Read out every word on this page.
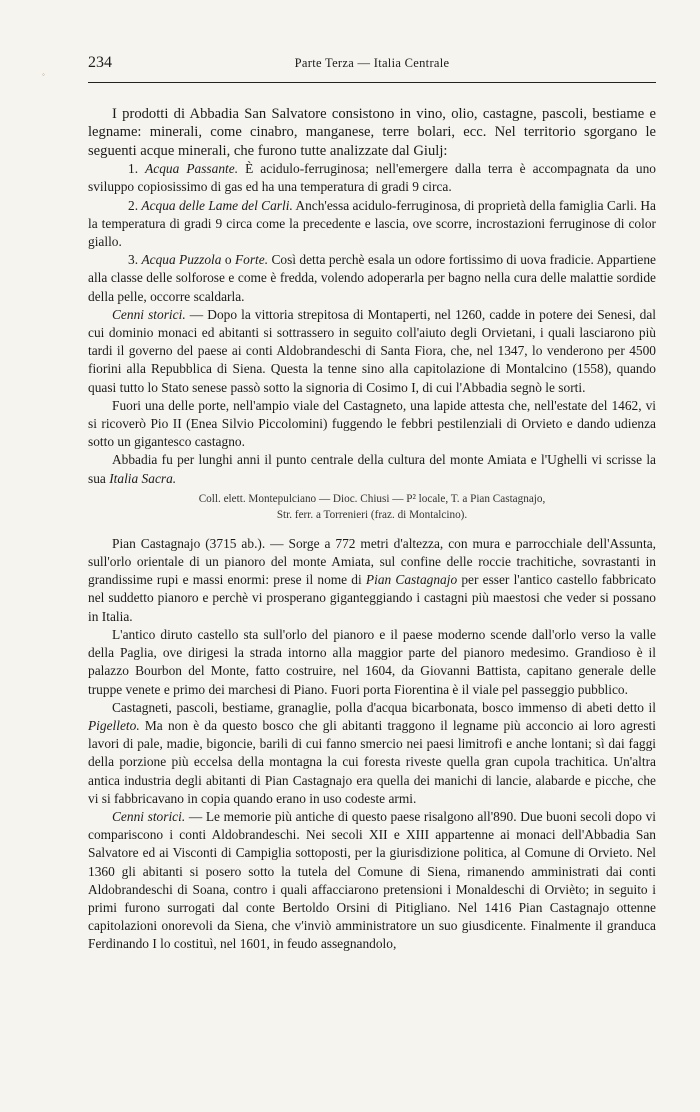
◦
234	Parte Terza — Italia Centrale

I prodotti di Abbadia San Salvatore consistono in vino, olio, castagne, pascoli, bestiame e legname: minerali, come cinabro, manganese, terre bolari, ecc. Nel territorio sgorgano le seguenti acque minerali, che furono tutte analizzate dal Giulj:

1. Acqua Passante. È acidulo-ferruginosa; nell'emergere dalla terra è accompagnata da uno sviluppo copiosissimo di gas ed ha una temperatura di gradi 9 circa.

2. Acqua delle Lame del Carli. Anch'essa acidulo-ferruginosa, di proprietà della famiglia Carli. Ha la temperatura di gradi 9 circa come la precedente e lascia, ove scorre, incrostazioni ferruginose di color giallo.

3. Acqua Puzzola o Forte. Così detta perchè esala un odore fortissimo di uova fradicie. Appartiene alla classe delle solforose e come è fredda, volendo adoperarla per bagno nella cura delle malattie sordide della pelle, occorre scaldarla.

Cenni storici. — Dopo la vittoria strepitosa di Montaperti, nel 1260, cadde in potere dei Senesi, dal cui dominio monaci ed abitanti si sottrassero in seguito coll'aiuto degli Orvietani, i quali lasciarono più tardi il governo del paese ai conti Aldobrandeschi di Santa Fiora, che, nel 1347, lo venderono per 4500 fiorini alla Repubblica di Siena. Questa la tenne sino alla capitolazione di Montalcino (1558), quando quasi tutto lo Stato senese passò sotto la signoria di Cosimo I, di cui l'Abbadia segnò le sorti.

Fuori una delle porte, nell'ampio viale del Castagneto, una lapide attesta che, nell'estate del 1462, vi si ricoverò Pio II (Enea Silvio Piccolomini) fuggendo le febbri pestilenziali di Orvieto e dando udienza sotto un gigantesco castagno.

Abbadia fu per lunghi anni il punto centrale della cultura del monte Amiata e l'Ughelli vi scrisse la sua Italia Sacra.

Coll. elett. Montepulciano — Dioc. Chiusi — P² locale, T. a Pian Castagnajo,
Str. ferr. a Torrenieri (fraz. di Montalcino).

Pian Castagnajo (3715 ab.). — Sorge a 772 metri d'altezza, con mura e parrocchiale dell'Assunta, sull'orlo orientale di un pianoro del monte Amiata, sul confine delle roccie trachitiche, sovrastanti in grandissime rupi e massi enormi: prese il nome di Pian Castagnajo per esser l'antico castello fabbricato nel suddetto pianoro e perchè vi prosperano giganteggiando i castagni più maestosi che veder si possano in Italia.

L'antico diruto castello sta sull'orlo del pianoro e il paese moderno scende dall'orlo verso la valle della Paglia, ove dirigesi la strada intorno alla maggior parte del pianoro medesimo. Grandioso è il palazzo Bourbon del Monte, fatto costruire, nel 1604, da Giovanni Battista, capitano generale delle truppe venete e primo dei marchesi di Piano. Fuori porta Fiorentina è il viale pel passeggio pubblico.

Castagneti, pascoli, bestiame, granaglie, polla d'acqua bicarbonata, bosco immenso di abeti detto il Pigelleto. Ma non è da questo bosco che gli abitanti traggono il legname più acconcio ai loro agresti lavori di pale, madie, bigoncie, barili di cui fanno smercio nei paesi limitrofi e anche lontani; sì dai faggi della porzione più eccelsa della montagna la cui foresta riveste quella gran cupola trachitica. Un'altra antica industria degli abitanti di Pian Castagnajo era quella dei manichi di lancie, alabarde e picche, che vi si fabbricavano in copia quando erano in uso codeste armi.

Cenni storici. — Le memorie più antiche di questo paese risalgono all'890. Due buoni secoli dopo vi compariscono i conti Aldobrandeschi. Nei secoli XII e XIII appartenne ai monaci dell'Abbadia San Salvatore ed ai Visconti di Campiglia sottoposti, per la giurisdizione politica, al Comune di Orvieto. Nel 1360 gli abitanti si posero sotto la tutela del Comune di Siena, rimanendo amministrati dai conti Aldobrandeschi di Soana, contro i quali affacciarono pretensioni i Monaldeschi di Orvièto; in seguito i primi furono surrogati dal conte Bertoldo Orsini di Pitigliano. Nel 1416 Pian Castagnajo ottenne capitolazioni onorevoli da Siena, che v'inviò amministratore un suo giusdicente. Finalmente il granduca Ferdinando I lo costituì, nel 1601, in feudo assegnandolo,
